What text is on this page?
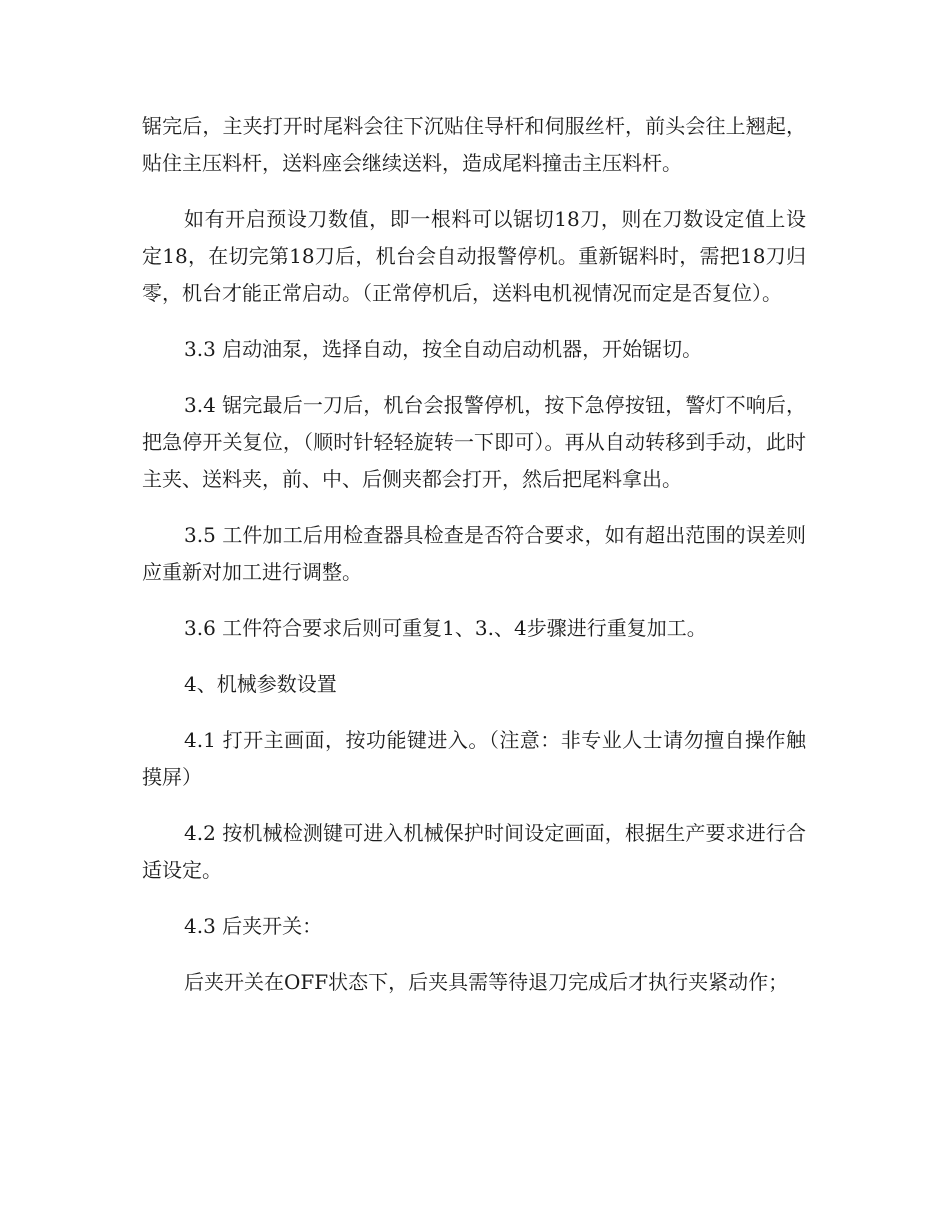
锯完后，主夹打开时尾料会往下沉贴住导杆和伺服丝杆，前头会往上翘起，贴住主压料杆，送料座会继续送料，造成尾料撞击主压料杆。

如有开启预设刀数值，即一根料可以锯切18刀，则在刀数设定值上设定18，在切完第18刀后，机台会自动报警停机。重新锯料时，需把18刀归零，机台才能正常启动。（正常停机后，送料电机视情况而定是否复位）。

3.3 启动油泵，选择自动，按全自动启动机器，开始锯切。

3.4 锯完最后一刀后，机台会报警停机，按下急停按钮，警灯不响后，把急停开关复位，（顺时针轻轻旋转一下即可）。再从自动转移到手动，此时主夹、送料夹，前、中、后侧夹都会打开，然后把尾料拿出。

3.5 工件加工后用检查器具检查是否符合要求，如有超出范围的误差则应重新对加工进行调整。

3.6 工件符合要求后则可重复1、3.、4步骤进行重复加工。

4、机械参数设置

4.1 打开主画面，按功能键进入。（注意：非专业人士请勿擅自操作触摸屏）

4.2 按机械检测键可进入机械保护时间设定画面，根据生产要求进行合适设定。

4.3 后夹开关：

后夹开关在OFF状态下，后夹具需等待退刀完成后才执行夹紧动作；
